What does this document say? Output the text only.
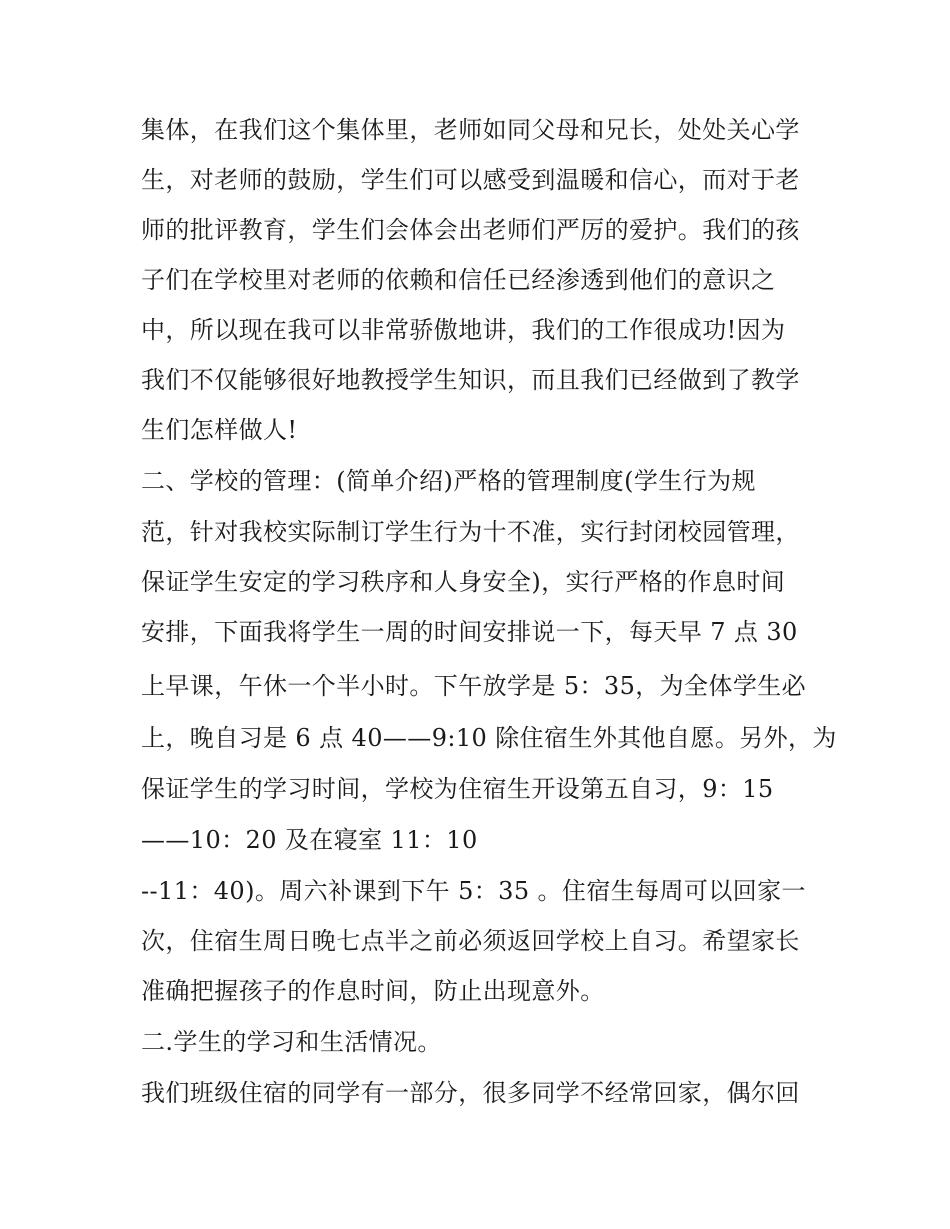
集体，在我们这个集体里，老师如同父母和兄长，处处关心学

生，对老师的鼓励，学生们可以感受到温暖和信心，而对于老

师的批评教育，学生们会体会出老师们严厉的爱护。我们的孩

子们在学校里对老师的依赖和信任已经渗透到他们的意识之

中，所以现在我可以非常骄傲地讲，我们的工作很成功!因为

我们不仅能够很好地教授学生知识，而且我们已经做到了教学

生们怎样做人!

二、学校的管理：(简单介绍)严格的管理制度(学生行为规

范，针对我校实际制订学生行为十不准，实行封闭校园管理，

保证学生安定的学习秩序和人身安全)，实行严格的作息时间

安排，下面我将学生一周的时间安排说一下，每天早 7 点 30

上早课，午休一个半小时。下午放学是 5：35，为全体学生必

上，晚自习是 6 点 40——9:10 除住宿生外其他自愿。另外，为

保证学生的学习时间，学校为住宿生开设第五自习，9：15

——10：20 及在寝室 11：10

--11：40)。周六补课到下午 5：35 。住宿生每周可以回家一

次，住宿生周日晚七点半之前必须返回学校上自习。希望家长

准确把握孩子的作息时间，防止出现意外。

二.学生的学习和生活情况。

我们班级住宿的同学有一部分，很多同学不经常回家，偶尔回
